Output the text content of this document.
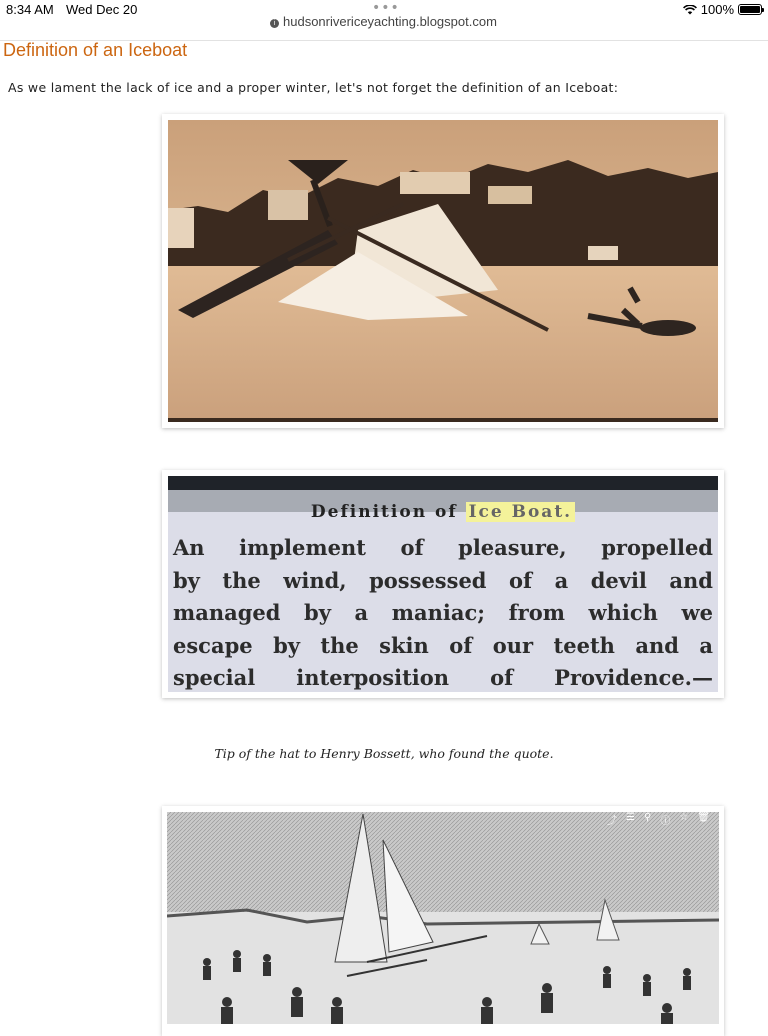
8:34 AM Wed Dec 20	•••
i hudsonrivericeyachting.blogspot.com
100%
Definition of an Iceboat
As we lament the lack of ice and a proper winter, let's not forget the definition of an Iceboat:
Definition of Ice Boat.
An implement of pleasure, propelled
by the wind, possessed of a devil and
managed by a maniac; from which we
escape by the skin of our teeth and a
special interposition of Providence.—
Tip of the hat to Henry Bossett, who found the quote.
⤴ ☰ ⚲ ⓘ ☆ 🗑
